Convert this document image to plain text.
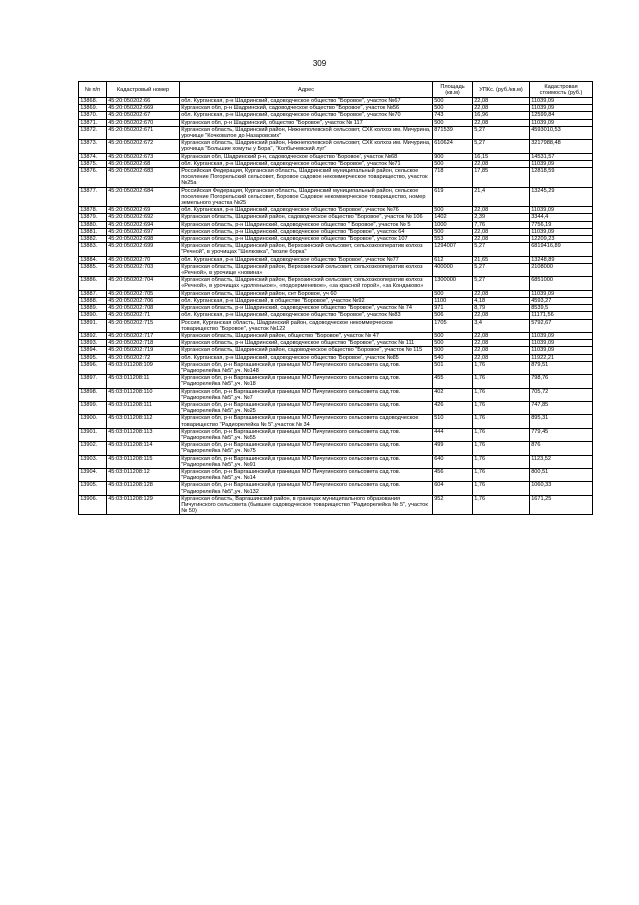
309
№ п/п	Кадастровый номер	Адрес	Площадь (кв.м)	УПКс. (руб./кв.м)	Кадастровая стоимость (руб.)
13868.	45:20:050202:66	обл. Курганская, р-н Шадринский, садоводческое общество "Боровое", участок №67	500	22,08	11039,09
13869.	45:20:050202:669	Курганская обл, р-н Шадринский, садоводческое общество "Боровое", участок №56	500	22,08	11039,09
13870.	45:20:050202:67	обл. Курганская, р-н Шадринский, садоводческое общество "Боровое", участок №70	743	16,96	12599,84
13871.	45:20:050202:670	Курганская обл, р-н Шадринский, общество "Боровое", участок № 117	500	22,08	11039,09
13872.	45:20:050202:671	Курганская область, Шадринский район, Нижнеполевской сельсовет, СХК колхоз им. Мичурина, урочище "Кочковатое до Назаровских"	871539	5,27	4593010,53
13873.	45:20:050202:672	Курганская область, Шадринский район, Нижнеполевской сельсовет, СХК колхоз им. Мичурина, урочища "Большие хомуты у Бора", "Колбычевский луг"	610624	5,27	3217988,48
13874.	45:20:050202:673	Курганская обл, Шадринский р-н, садоводческое общество 'Боровое', участок №68	900	16,15	14531,57
13875.	45:20:050202:68	обл. Курганская, р-н Шадринский, садоводческое общество "Боровое", участок №71	500	22,08	11039,09
13876.	45:20:050202:683	Российская Федерация, Курганская область, Шадринский муниципальный район, сельское поселение Погорельский сельсовет, Боровое садовое некоммерческое товарищество, участок №25а	718	17,85	12818,59
13877.	45:20:050202:684	Российская Федерация, Курганская область, Шадринский муниципальный район, сельское поселение Погорельский сельсовет, Боровое Садовое некоммерческое товарищество, номер земельного участка №25	619	21,4	13245,29
13878.	45:20:050202:69	обл. Курганская, р-н Шадринский, садоводческое общество 'Боровое', участок №76	500	22,08	11039,09
13879.	45:20:050202:692	Курганская область, Шадринский район, садоводческое общество "Боровое", участок № 106	1402	2,39	3344,4
13880.	45:20:050202:694	Курганская область, р-н Шадринский, садоводческое общество " Боровое", участок № 5	1000	7,76	7756,19
13881.	45:20:050202:697	Курганская область, р-н Шадринский, садоводческое общество "Боровое", участок 64	500	22,08	11039,09
13882.	45:20:050202:698	Курганская область, р-н Шадринский, садоводческое общество "Боровое", участок 107	553	22,08	12209,23
13883.	45:20:050202:699	Курганская область, Шадринский район, Верхозинский сельсовет, сельхозкооператив колхоз "Речной", в урочищах "Шелковка", "возле борка"	1294007	5,27	6819416,89
13884.	45:20:050202:70	обл. Курганская, р-н Шадринский, садоводческое общество 'Боровое', участок №77	612	21,65	13248,89
13885.	45:20:050202:703	Курганская область, Шадринский район, Верхозинский сельсовет, сельхозкооператив колхоз «Речной», в урочище «новина»	400000	5,27	2108000
13886.	45:20:050202:704	Курганская область, Шадринский район, Верхозинский сельсовет, сельхозкооператив колхоз «Речной», в урочищах «долгенькое», «подсерменевое», «за красной горой», «за Кондаково»	1300000	5,27	6851000
13887.	45:20:050202:705	Курганская область, Шадринский район, снт Боровое, уч 60	500	22,08	11039,09
13888.	45:20:050202:706	обл. Курганская, р-н Шадринский, в обществе "Боровое", участок №92	1100	4,18	4593,27
13889.	45:20:050202:708	Курганская область, р-н Шадринский, садоводческое общество "Боровое", участок № 74	971	8,79	8539,5
13890.	45:20:050202:71	обл. Курганская, р-н Шадринский, садоводческое общество "Боровое", участок №83	506	22,08	11171,56
13891.	45:20:050202:715	Россия, Курганская область, Шадринский район, садоводческое некоммерческое товарищество "Боровое", участок №122	1705	3,4	5792,67
13892.	45:20:050202:717	Курганская область, Шадринский район, общество "Боровое", участок № 47	500	22,08	11039,09
13893.	45:20:050202:718	Курганская область, р-н Шадринский, садоводческое общество "Боровое", участок № 111	500	22,08	11039,09
13894.	45:20:050202:719	Курганская область, Шадринский район, садоводческое общество "Боровое", участок № 115	500	22,08	11039,09
13895.	45:20:050202:72	обл. Курганская, р-н Шадринский, садоводческое общество 'Боровое', участок №85	540	22,08	11922,21
13896.	45:03:011208:109	Курганская обл, р-н Варгашинский,в границах МО Пичугинского сельсовета сад.тов. "Радиорелейка №5",уч. №148	501	1,76	879,51
13897.	45:03:011208:11	Курганская обл, р-н Варгашинский,в границах МО Пичугинского сельсовета сад.тов. "Радиорелейка №5",уч. №18	455	1,76	798,76
13898.	45:03:011208:110	Курганская обл, р-н Варгашинский,в границах МО Пичугинского сельсовета сад.тов. "Радиорелейка №5",уч. №7	402	1,76	705,72
13899.	45:03:011208:111	Курганская обл, р-н Варгашинский,в границах МО Пичугинского сельсовета сад.тов. "Радиорелейка №5",уч. №25	426	1,76	747,85
13900.	45:03:011208:112	Курганская обл, р-н Варгашинский,в границах МО Пичугинского сельсовета садоводческое товарищество "Радиорелейка № 5",участок № 34	510	1,76	895,31
13901.	45:03:011208:113	Курганская обл, р-н Варгашинский,в границах МО Пичугинского сельсовета сад.тов. "Радиорелейка №5",уч. №55	444	1,76	779,45
13902.	45:03:011208:114	Курганская обл, р-н Варгашинский,в границах МО Пичугинского сельсовета сад.тов. "Радиорелейка №5",уч. №75	499	1,76	876
13903.	45:03:011208:115	Курганская обл, р-н Варгашинский,в границах МО Пичугинского сельсовета сад.тов. "Радиорелейка №5",уч. №91	640	1,76	1123,52
13904.	45:03:011208:12	Курганская обл, р-н Варгашинский,в границах МО Пичугинского сельсовета сад.тов. "Радиорелейка №5",уч. №14	456	1,76	800,51
13905.	45:03:011208:128	Курганская обл, р-н Варгашинский,в границах МО Пичугинского сельсовета сад.тов. "Радиорелейка №5",уч. №132	604	1,76	1060,33
13906.	45:03:011208:129	Курганская область, Варгашинский район, в границах муниципального образования Пичугинского сельсовета (бывшее садоводческое товарищество "Радиорелейка № 5", участок № 50)	952	1,76	1671,25
